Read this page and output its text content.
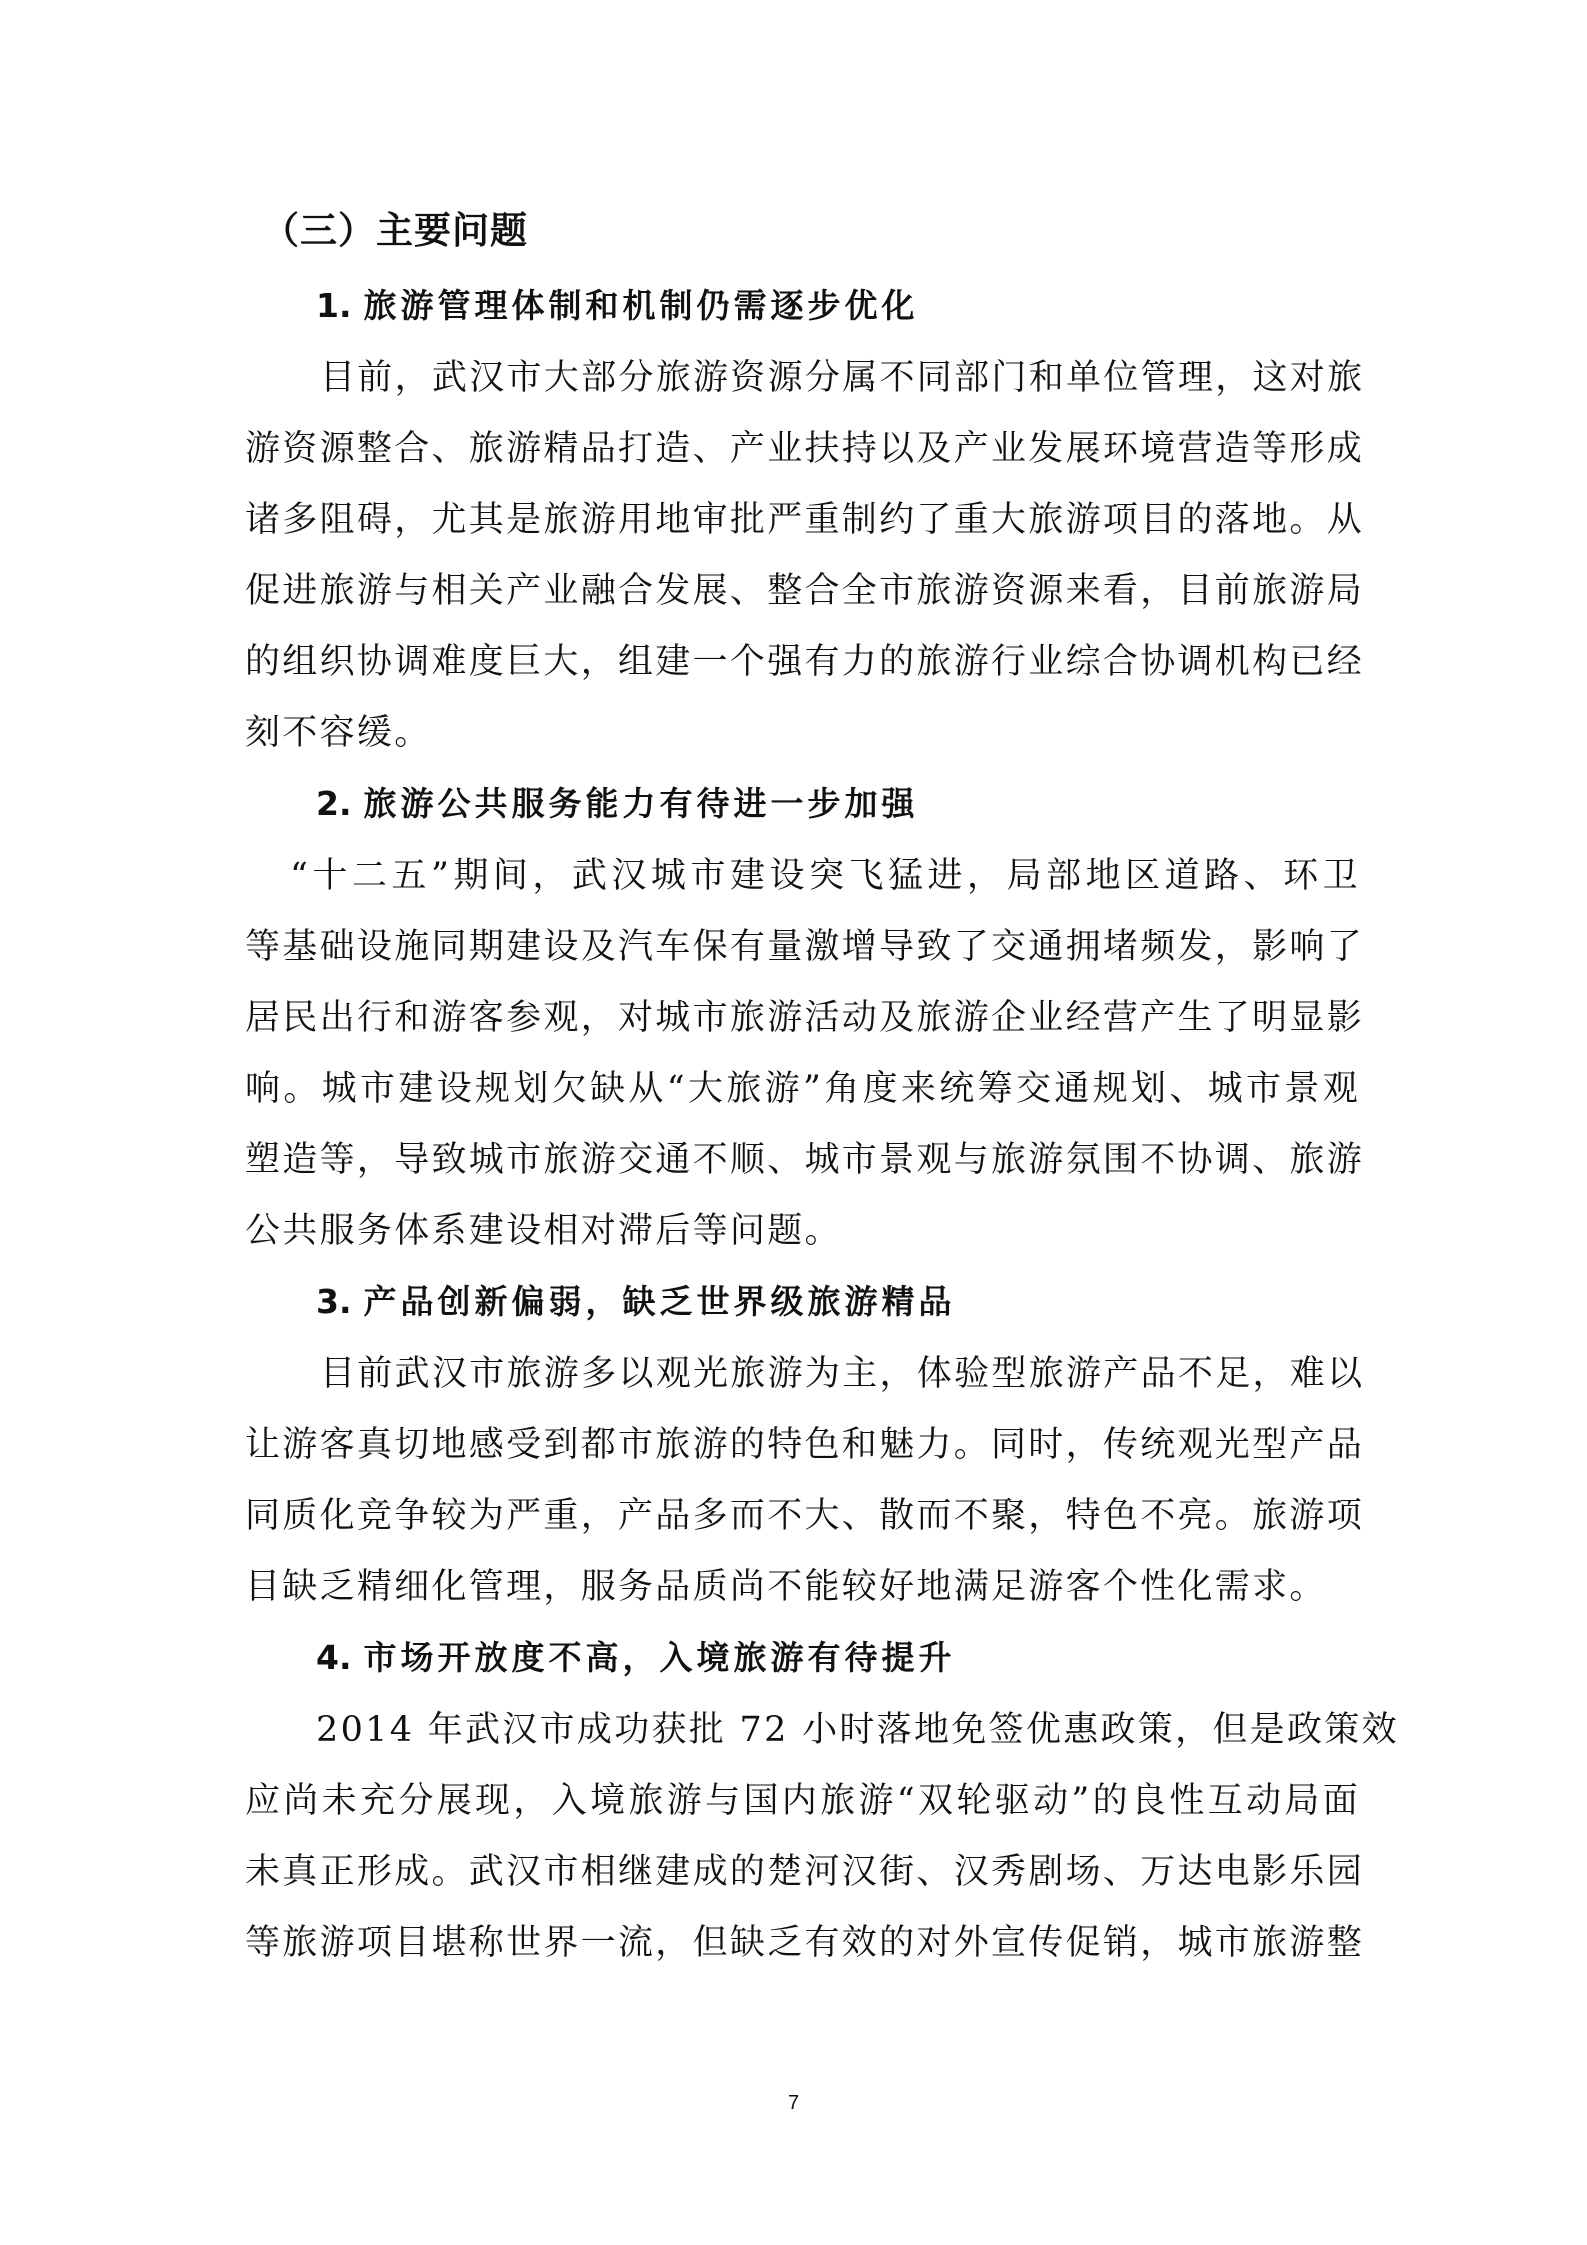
（三）主要问题
1. 旅游管理体制和机制仍需逐步优化
目前，武汉市大部分旅游资源分属不同部门和单位管理，这对旅
游资源整合、旅游精品打造、产业扶持以及产业发展环境营造等形成
诸多阻碍，尤其是旅游用地审批严重制约了重大旅游项目的落地。从
促进旅游与相关产业融合发展、整合全市旅游资源来看，目前旅游局
的组织协调难度巨大，组建一个强有力的旅游行业综合协调机构已经
刻不容缓。
2. 旅游公共服务能力有待进一步加强
“十二五”期间，武汉城市建设突飞猛进，局部地区道路、环卫
等基础设施同期建设及汽车保有量激增导致了交通拥堵频发，影响了
居民出行和游客参观，对城市旅游活动及旅游企业经营产生了明显影
响。城市建设规划欠缺从“大旅游”角度来统筹交通规划、城市景观
塑造等，导致城市旅游交通不顺、城市景观与旅游氛围不协调、旅游
公共服务体系建设相对滞后等问题。
3. 产品创新偏弱，缺乏世界级旅游精品
目前武汉市旅游多以观光旅游为主，体验型旅游产品不足，难以
让游客真切地感受到都市旅游的特色和魅力。同时，传统观光型产品
同质化竞争较为严重，产品多而不大、散而不聚，特色不亮。旅游项
目缺乏精细化管理，服务品质尚不能较好地满足游客个性化需求。
4. 市场开放度不高，入境旅游有待提升
2014 年武汉市成功获批 72 小时落地免签优惠政策，但是政策效
应尚未充分展现，入境旅游与国内旅游“双轮驱动”的良性互动局面
未真正形成。武汉市相继建成的楚河汉街、汉秀剧场、万达电影乐园
等旅游项目堪称世界一流，但缺乏有效的对外宣传促销，城市旅游整
7
